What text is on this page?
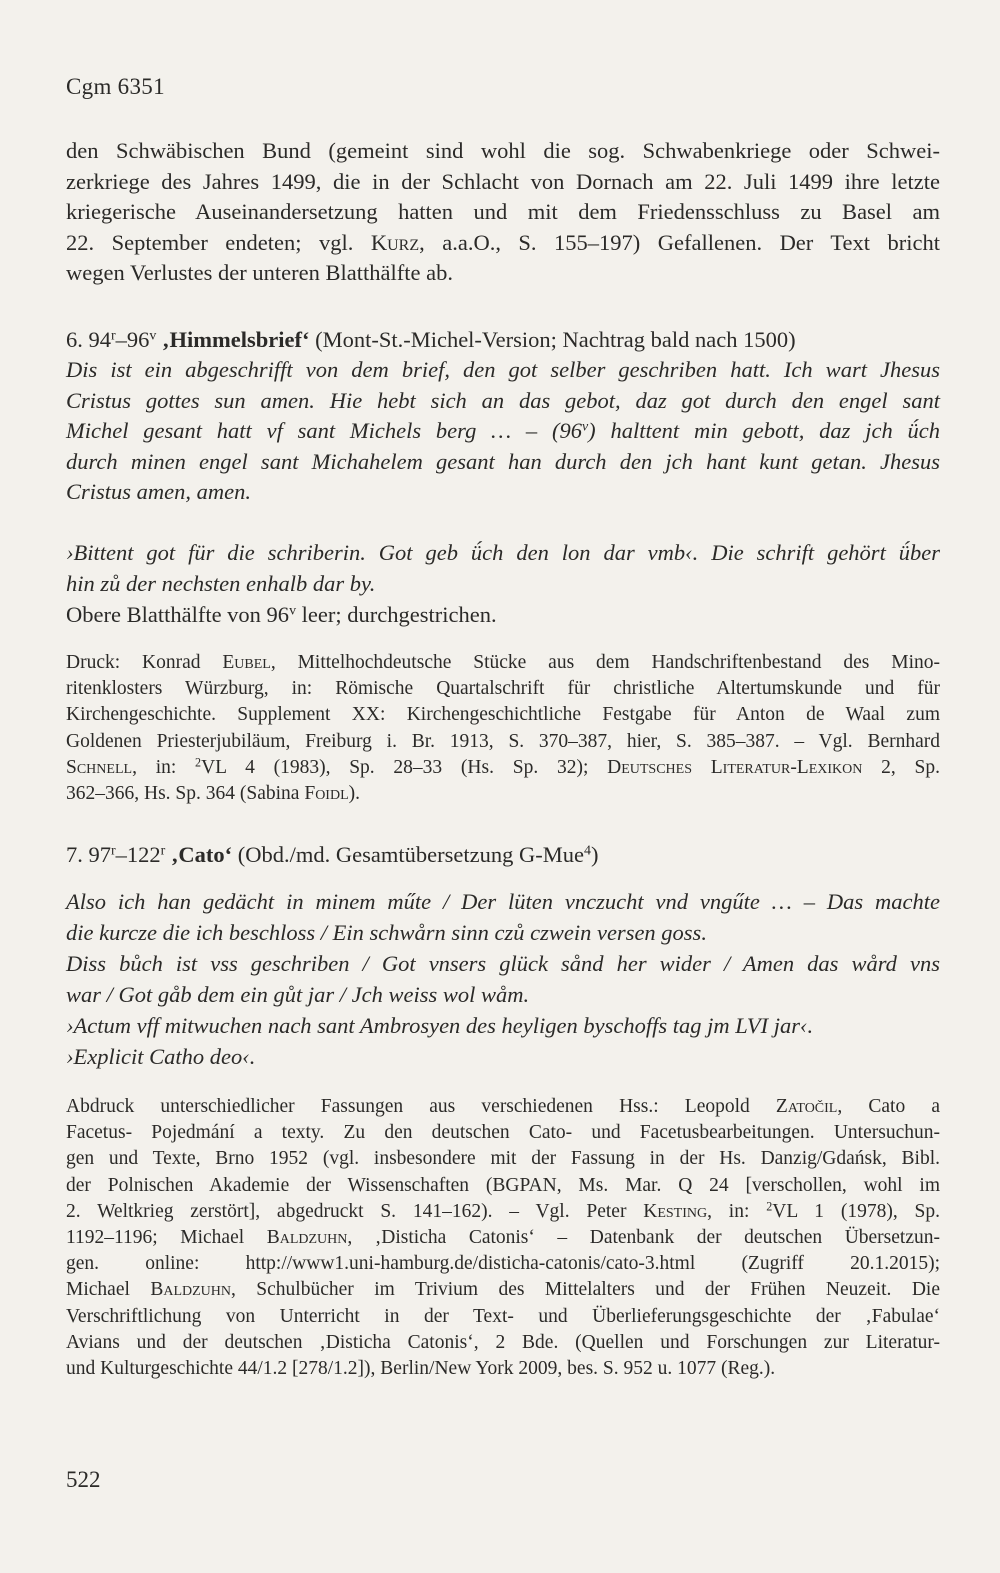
Cgm 6351

den Schwäbischen Bund (gemeint sind wohl die sog. Schwabenkriege oder Schwei-
zerkriege des Jahres 1499, die in der Schlacht von Dornach am 22. Juli 1499 ihre letzte
kriegerische Auseinandersetzung hatten und mit dem Friedensschluss zu Basel am
22. September endeten; vgl. Kurz, a.a.O., S. 155–197) Gefallenen. Der Text bricht
wegen Verlustes der unteren Blatthälfte ab.

6. 94$^r$–96$^v$ ‚Himmelsbrief‘ (Mont-St.-Michel-Version; Nachtrag bald nach 1500)

Dis ist ein abgeschrifft von dem brief, den got selber geschriben hatt. Ich wart Jhesus
Cristus gottes sun amen. Hie hebt sich an das gebot, daz got durch den engel sant
Michel gesant hatt vf sant Michels berg … – (96$^v$) halttent min gebott, daz jch ǘch
durch minen engel sant Michahelem gesant han durch den jch hant kunt getan. Jhesus
Cristus amen, amen.

›Bittent got für die schriberin. Got geb ǘch den lon dar vmb‹. Die schrift gehört ǘber
hin zů der nechsten enhalb dar by.

Obere Blatthälfte von 96$^v$ leer; durchgestrichen.

Druck: Konrad Eubel, Mittelhochdeutsche Stücke aus dem Handschriftenbestand des Mino-
ritenklosters Würzburg, in: Römische Quartalschrift für christliche Altertumskunde und für
Kirchengeschichte. Supplement XX: Kirchengeschichtliche Festgabe für Anton de Waal zum
Goldenen Priesterjubiläum, Freiburg i. Br. 1913, S. 370–387, hier, S. 385–387. – Vgl. Bernhard
Schnell, in: $^2$VL 4 (1983), Sp. 28–33 (Hs. Sp. 32); Deutsches Literatur-Lexikon 2, Sp.
362–366, Hs. Sp. 364 (Sabina Foidl).

7. 97$^r$–122$^r$ ‚Cato‘ (Obd./md. Gesamtübersetzung G-Mue$^4$)

Also ich han gedächt in minem műte / Der lüten vnczucht vnd vngűte … – Das machte
die kurcze die ich beschloss / Ein schwårn sinn czů czwein versen goss.
Diss bůch ist vss geschriben / Got vnsers glück sånd her wider / Amen das wård vns
war / Got gåb dem ein gůt jar / Jch weiss wol wåm.
›Actum vff mitwuchen nach sant Ambrosyen des heyligen byschoffs tag jm LVI jar‹.
›Explicit Catho deo‹.

Abdruck unterschiedlicher Fassungen aus verschiedenen Hss.: Leopold Zatočil, Cato a
Facetus- Pojedmání a texty. Zu den deutschen Cato- und Facetusbearbeitungen. Untersuchun-
gen und Texte, Brno 1952 (vgl. insbesondere mit der Fassung in der Hs. Danzig/Gdańsk, Bibl.
der Polnischen Akademie der Wissenschaften (BGPAN, Ms. Mar. Q 24 [verschollen, wohl im
2. Weltkrieg zerstört], abgedruckt S. 141–162). – Vgl. Peter Kesting, in: $^2$VL 1 (1978), Sp.
1192–1196; Michael Baldzuhn, ‚Disticha Catonis‘ – Datenbank der deutschen Übersetzun-
gen. online: http://www1.uni-hamburg.de/disticha-catonis/cato-3.html (Zugriff 20.1.2015);
Michael Baldzuhn, Schulbücher im Trivium des Mittelalters und der Frühen Neuzeit. Die
Verschriftlichung von Unterricht in der Text- und Überlieferungsgeschichte der ‚Fabulae‘
Avians und der deutschen ‚Disticha Catonis‘, 2 Bde. (Quellen und Forschungen zur Literatur-
und Kulturgeschichte 44/1.2 [278/1.2]), Berlin/New York 2009, bes. S. 952 u. 1077 (Reg.).

522
